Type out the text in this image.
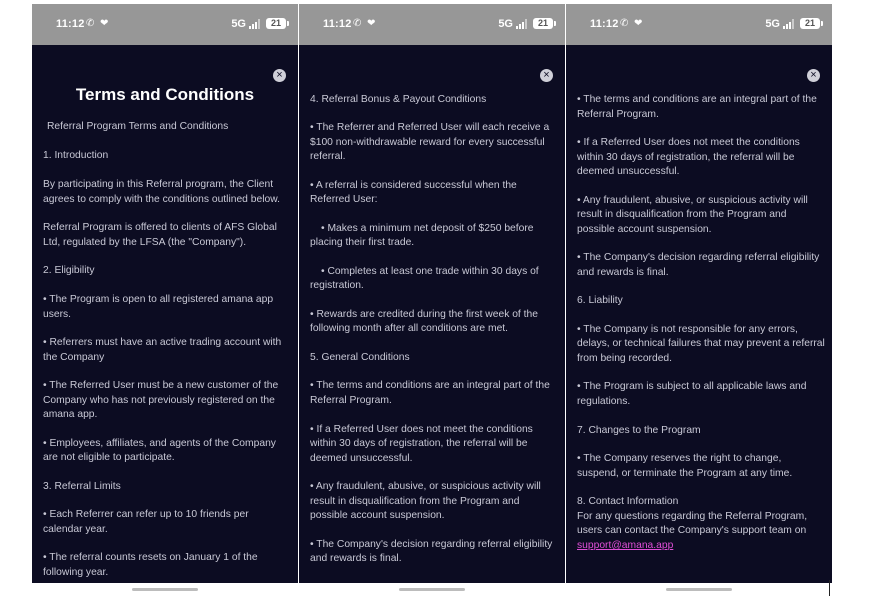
11:12 ✆ ❤	5G	21
×
Terms and Conditions

Referral Program Terms and Conditions

1. Introduction

By participating in this Referral program, the Client

agrees to comply with the conditions outlined below.

Referral Program is offered to clients of AFS Global

Ltd, regulated by the LFSA (the "Company").

2. Eligibility

• The Program is open to all registered amana app

users.

• Referrers must have an active trading account with

the Company

• The Referred User must be a new customer of the

Company who has not previously registered on the

amana app.

• Employees, affiliates, and agents of the Company

are not eligible to participate.

3. Referral Limits

• Each Referrer can refer up to 10 friends per

calendar year.

• The referral counts resets on January 1 of the

following year.

11:12 ✆ ❤	5G	21
×

4. Referral Bonus & Payout Conditions

• The Referrer and Referred User will each receive a

$100 non-withdrawable reward for every successful

referral.

• A referral is considered successful when the

Referred User:

• Makes a minimum net deposit of $250 before

placing their first trade.

• Completes at least one trade within 30 days of

registration.

• Rewards are credited during the first week of the

following month after all conditions are met.

5. General Conditions

• The terms and conditions are an integral part of the

Referral Program.

• If a Referred User does not meet the conditions

within 30 days of registration, the referral will be

deemed unsuccessful.

• Any fraudulent, abusive, or suspicious activity will

result in disqualification from the Program and

possible account suspension.

• The Company's decision regarding referral eligibility

and rewards is final.

11:12 ✆ ❤	5G	21
×

• The terms and conditions are an integral part of the

Referral Program.

• If a Referred User does not meet the conditions

within 30 days of registration, the referral will be

deemed unsuccessful.

• Any fraudulent, abusive, or suspicious activity will

result in disqualification from the Program and

possible account suspension.

• The Company's decision regarding referral eligibility

and rewards is final.

6. Liability

• The Company is not responsible for any errors,

delays, or technical failures that may prevent a referral

from being recorded.

• The Program is subject to all applicable laws and

regulations.

7. Changes to the Program

• The Company reserves the right to change,

suspend, or terminate the Program at any time.

8. Contact Information

For any questions regarding the Referral Program,

users can contact the Company's support team on

support@amana.app
